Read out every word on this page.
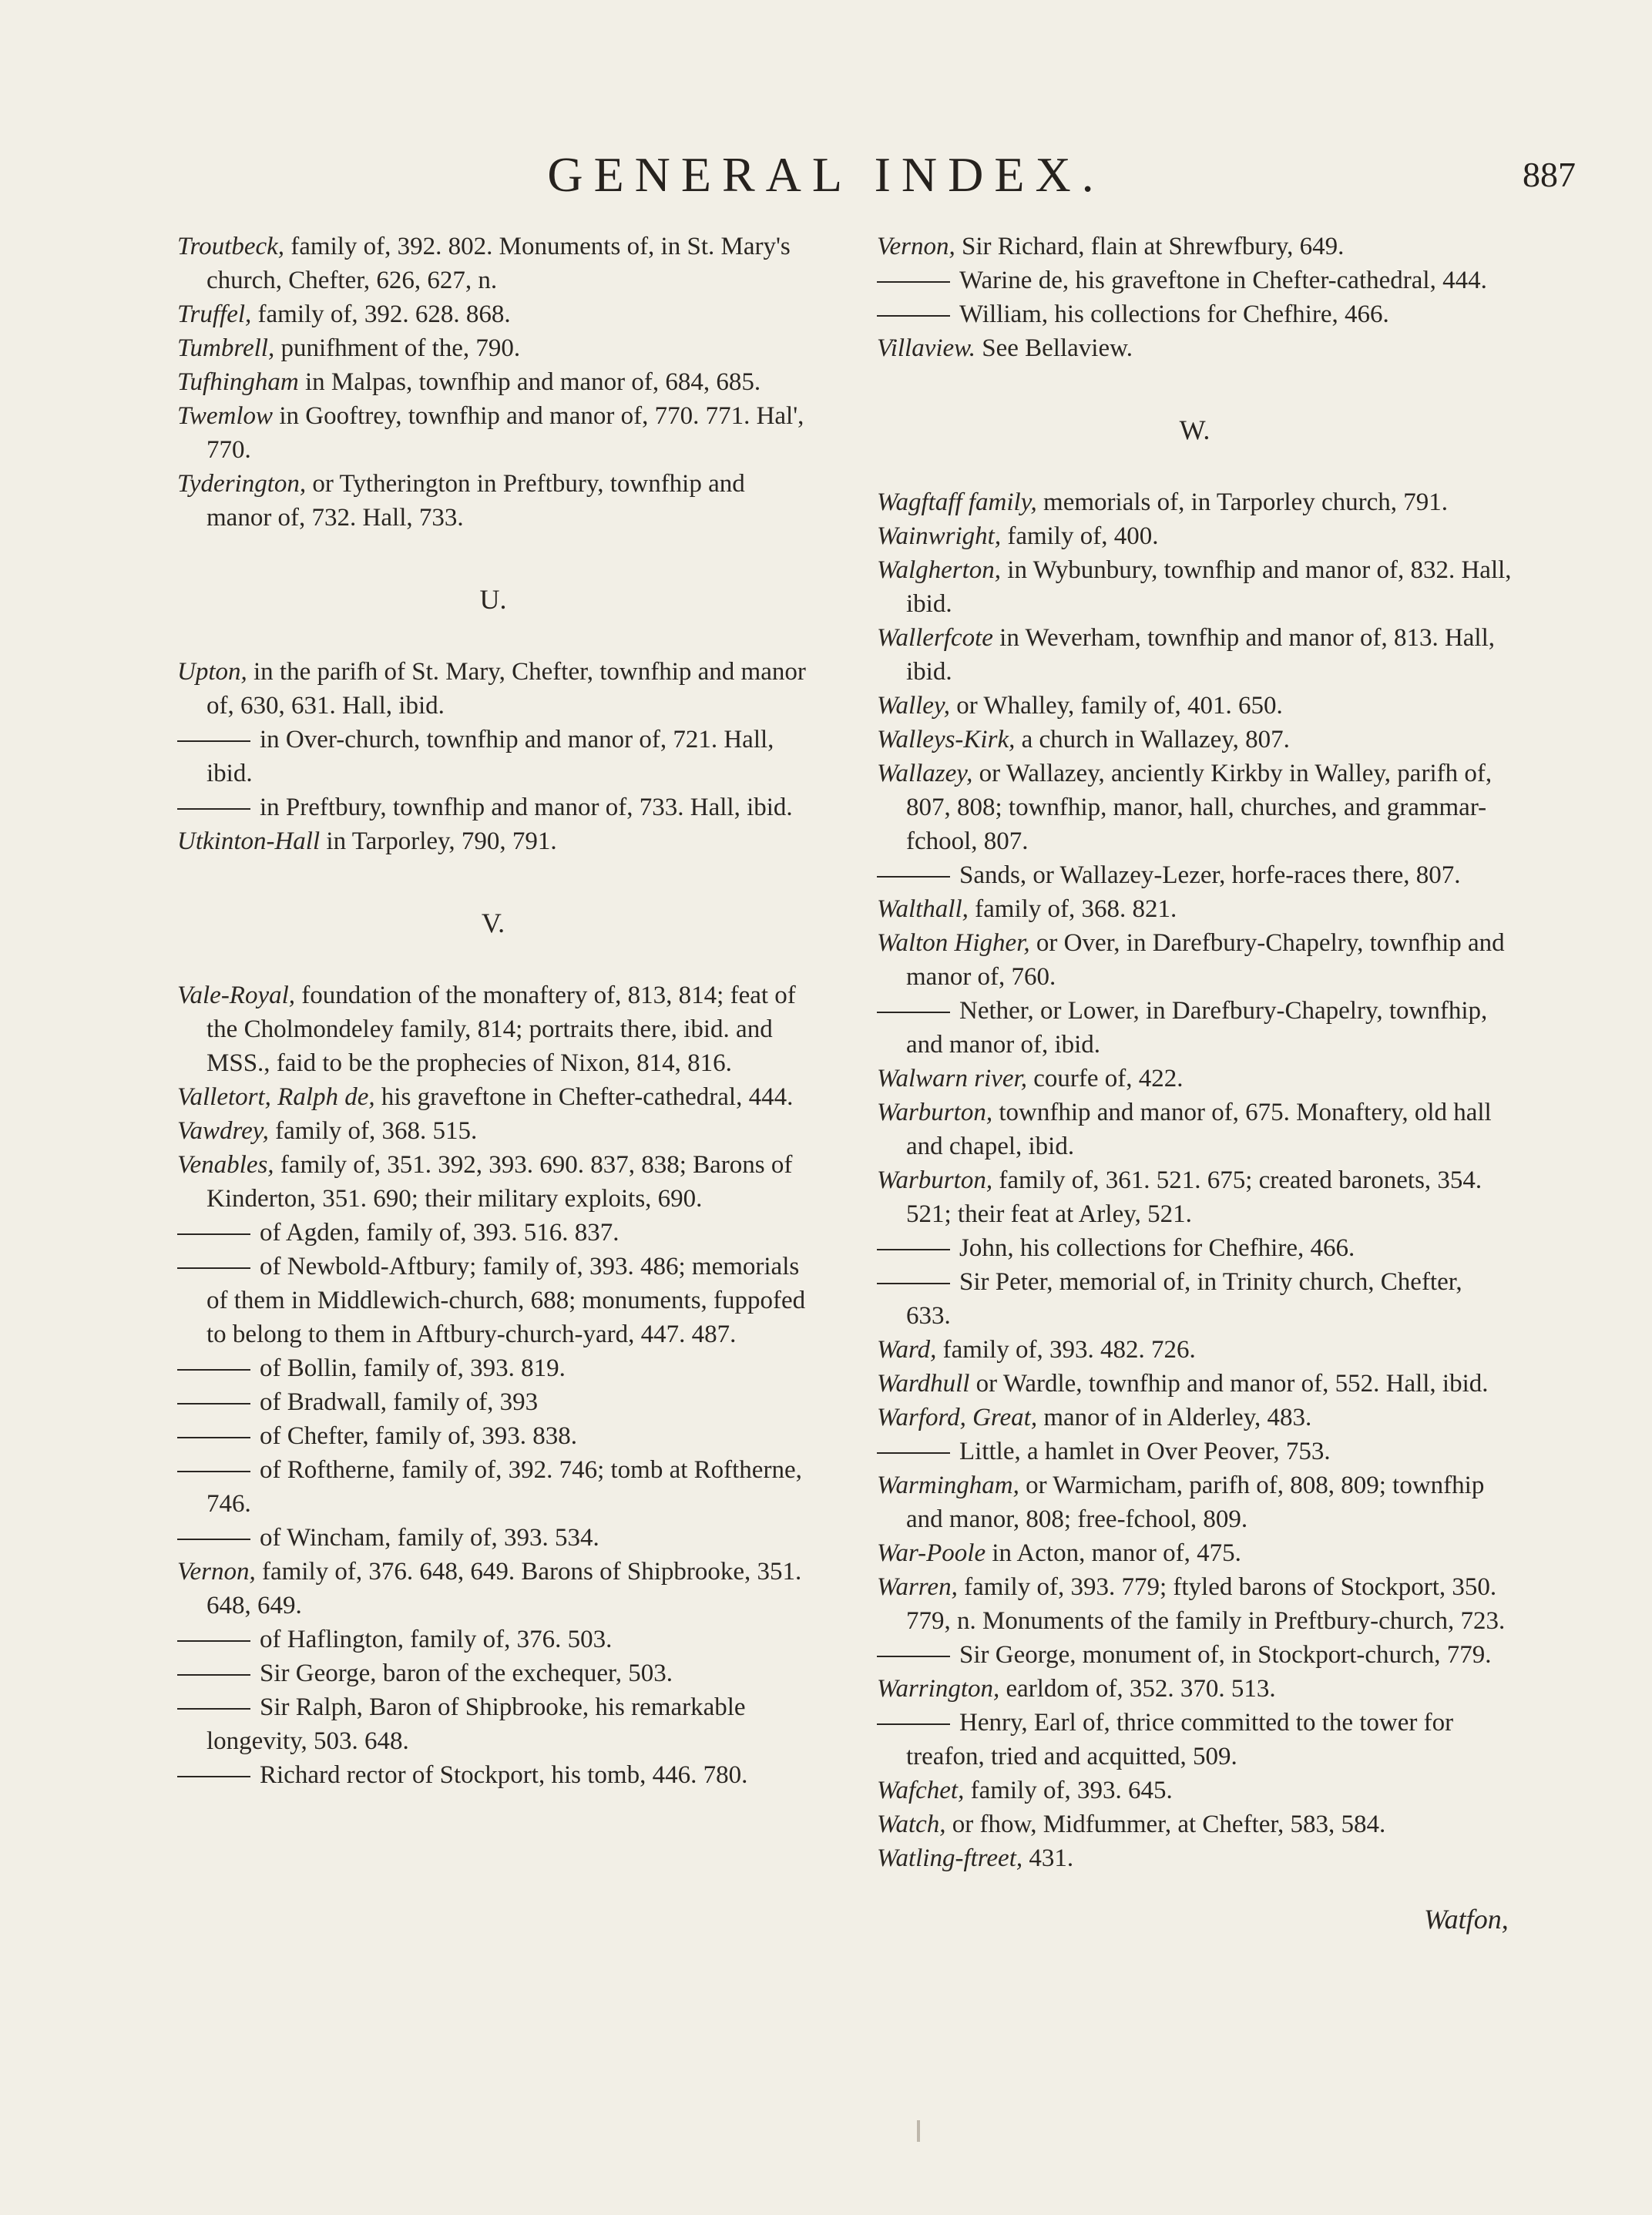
GENERAL INDEX.	887

Troutbeck, family of, 392. 802. Monuments of, in St. Mary's church, Chefter, 626, 627, n.

Truffel, family of, 392. 628. 868.

Tumbrell, punifhment of the, 790.

Tufhingham in Malpas, townfhip and manor of, 684, 685.

Twemlow in Gooftrey, townfhip and manor of, 770. 771. Hal', 770.

Tyderington, or Tytherington in Preftbury, townfhip and manor of, 732. Hall, 733.

U.

Upton, in the parifh of St. Mary, Chefter, townfhip and manor of, 630, 631. Hall, ibid.

in Over-church, townfhip and manor of, 721. Hall, ibid.

in Preftbury, townfhip and manor of, 733. Hall, ibid.

Utkinton-Hall in Tarporley, 790, 791.

V.

Vale-Royal, foundation of the monaftery of, 813, 814; feat of the Cholmondeley family, 814; portraits there, ibid. and MSS., faid to be the prophecies of Nixon, 814, 816.

Valletort, Ralph de, his graveftone in Chefter-cathedral, 444.

Vawdrey, family of, 368. 515.

Venables, family of, 351. 392, 393. 690. 837, 838; Barons of Kinderton, 351. 690; their military exploits, 690.

of Agden, family of, 393. 516. 837.

of Newbold-Aftbury; family of, 393. 486; memorials of them in Middlewich-church, 688; monuments, fuppofed to belong to them in Aftbury-church-yard, 447. 487.

of Bollin, family of, 393. 819.

of Bradwall, family of, 393

of Chefter, family of, 393. 838.

of Roftherne, family of, 392. 746; tomb at Roftherne, 746.

of Wincham, family of, 393. 534.

Vernon, family of, 376. 648, 649. Barons of Shipbrooke, 351. 648, 649.

of Haflington, family of, 376. 503.

Sir George, baron of the exchequer, 503.

Sir Ralph, Baron of Shipbrooke, his remarkable longevity, 503. 648.

Richard rector of Stockport, his tomb, 446. 780.

Vernon, Sir Richard, flain at Shrewfbury, 649.

Warine de, his graveftone in Chefter-cathedral, 444.

William, his collections for Chefhire, 466.

Villaview. See Bellaview.

W.

Wagftaff family, memorials of, in Tarporley church, 791.

Wainwright, family of, 400.

Walgherton, in Wybunbury, townfhip and manor of, 832. Hall, ibid.

Wallerfcote in Weverham, townfhip and manor of, 813. Hall, ibid.

Walley, or Whalley, family of, 401. 650.

Walleys-Kirk, a church in Wallazey, 807.

Wallazey, or Wallazey, anciently Kirkby in Walley, parifh of, 807, 808; townfhip, manor, hall, churches, and grammar-fchool, 807.

Sands, or Wallazey-Lezer, horfe-races there, 807.

Walthall, family of, 368. 821.

Walton Higher, or Over, in Darefbury-Chapelry, townfhip and manor of, 760.

Nether, or Lower, in Darefbury-Chapelry, townfhip, and manor of, ibid.

Walwarn river, courfe of, 422.

Warburton, townfhip and manor of, 675. Monaftery, old hall and chapel, ibid.

Warburton, family of, 361. 521. 675; created baronets, 354. 521; their feat at Arley, 521.

John, his collections for Chefhire, 466.

Sir Peter, memorial of, in Trinity church, Chefter, 633.

Ward, family of, 393. 482. 726.

Wardhull or Wardle, townfhip and manor of, 552. Hall, ibid.

Warford, Great, manor of in Alderley, 483.

Little, a hamlet in Over Peover, 753.

Warmingham, or Warmicham, parifh of, 808, 809; townfhip and manor, 808; free-fchool, 809.

War-Poole in Acton, manor of, 475.

Warren, family of, 393. 779; ftyled barons of Stockport, 350. 779, n. Monuments of the family in Preftbury-church, 723.

Sir George, monument of, in Stockport-church, 779.

Warrington, earldom of, 352. 370. 513.

Henry, Earl of, thrice committed to the tower for treafon, tried and acquitted, 509.

Wafchet, family of, 393. 645.

Watch, or fhow, Midfummer, at Chefter, 583, 584.

Watling-ftreet, 431.

Watfon,
